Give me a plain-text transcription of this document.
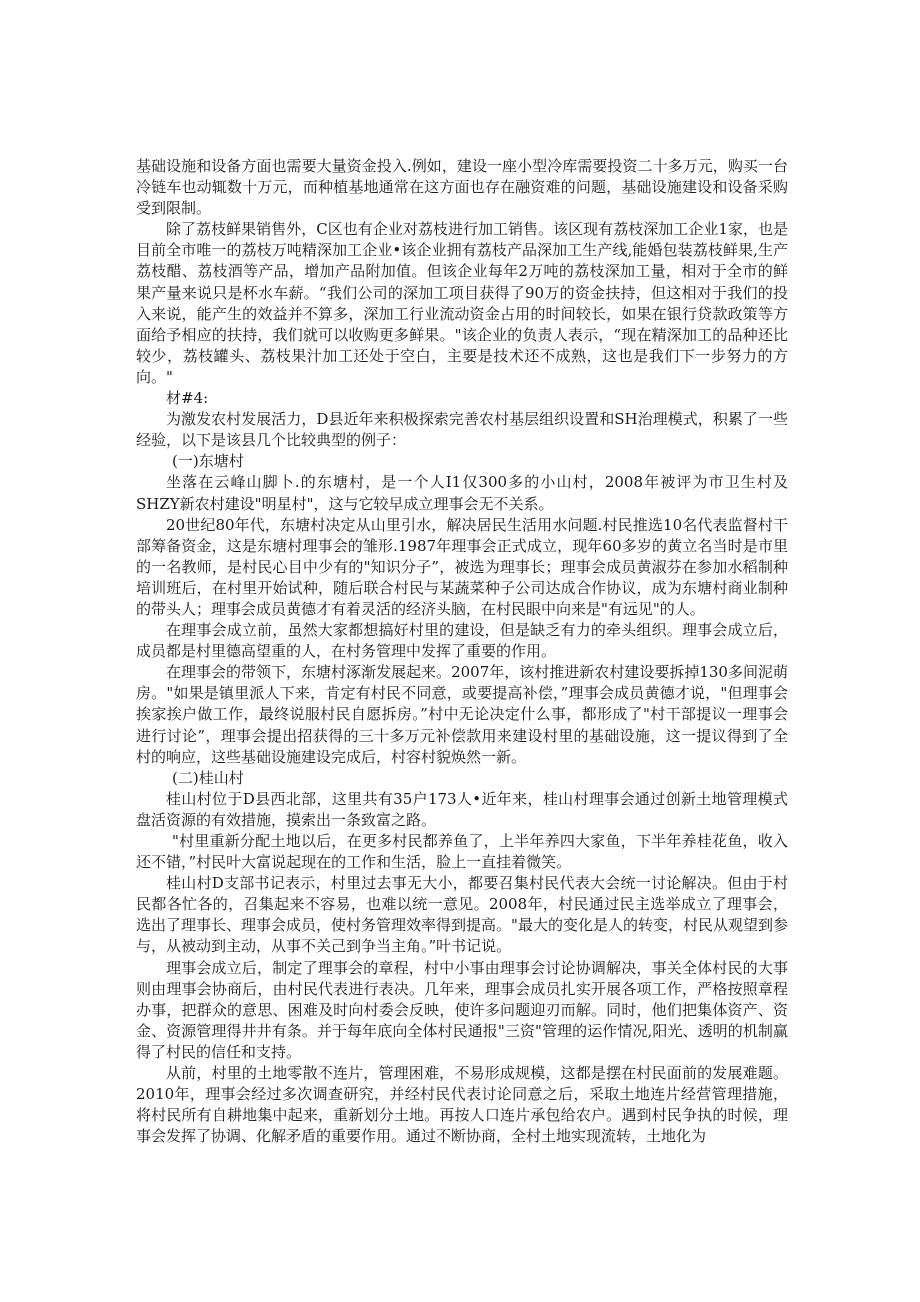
基础设施和设备方面也需要大量资金投入.例如，建设一座小型冷库需要投资二十多万元，购买一台冷链车也动辄数十万元，而种植基地通常在这方面也存在融资难的问题，基础设施建设和设备采购受到限制。

除了荔枝鲜果销售外，C区也有企业对荔枝进行加工销售。该区现有荔枝深加工企业1家，也是目前全市唯一的荔枝万吨精深加工企业•该企业拥有荔枝产品深加工生产线,能婚包装荔枝鲜果,生产荔枝醋、荔枝酒等产品，增加产品附加值。但该企业每年2万吨的荔枝深加工量，相对于全市的鲜果产量来说只是杯水车薪。“我们公司的深加工项目获得了90万的资金扶持，但这相对于我们的投入来说，能产生的效益并不算多，深加工行业流动资金占用的时间较长，如果在银行贷款政策等方面给予相应的扶持，我们就可以收购更多鲜果。"该企业的负责人表示，“现在精深加工的品种还比较少，荔枝罐头、荔枝果汁加工还处于空白，主要是技术还不成熟，这也是我们下一步努力的方向。"

材#4:

为激发农村发展活力，D县近年来积极探索完善农村基层组织设置和SH治理模式，积累了一些经验，以下是该县几个比较典型的例子：

(一)东塘村

坐落在云峰山脚卜.的东塘村，是一个人I1仅300多的小山村，2008年被评为市卫生村及SHZY新农村建设"明星村"，这与它较早成立理事会无不关系。

20世纪80年代，东塘村决定从山里引水，解决居民生活用水问题.村民推选10名代表监督村干部筹备资金，这是东塘村理事会的雏形.1987年理事会正式成立，现年60多岁的黄立名当时是市里的一名教师，是村民心目中少有的"知识分子”，被选为理事长；理事会成员黄淑芬在参加水稻制种培训班后，在村里开始试种，随后联合村民与某蔬菜种子公司达成合作协议，成为东塘村商业制种的带头人；理事会成员黄德才有着灵活的经济头脑，在村民眼中向来是"有远见"的人。

在理事会成立前，虽然大家都想搞好村里的建设，但是缺乏有力的牵头组织。理事会成立后，成员都是村里德高望重的人，在村务管理中发挥了重要的作用。

在理事会的带领下，东塘村涿渐发展起来。2007年，该村推进新农村建设要拆掉130多间泥萌房。"如果是镇里派人下来，肯定有村民不同意，或要提高补偿，”理事会成员黄德才说，"但理事会挨家挨户做工作，最终说服村民自愿拆房。”村中无论决定什么事，都形成了"村干部提议一理事会进行讨论”，理事会提出招获得的三十多万元补偿款用来建设村里的基础设施，这一提议得到了全村的响应，这些基础设施建设完成后，村容村貌焕然一新。

(二)桂山村

桂山村位于D县西北部，这里共有35户173人•近年来，桂山村理事会通过创新土地管理模式盘活资源的有效措施，摸索出一条致富之路。

"村里重新分配土地以后，在更多村民都养鱼了，上半年养四大家鱼，下半年养桂花鱼，收入还不错，”村民叶大富说起现在的工作和生活，脸上一直挂着微笑。

桂山村D支部书记表示，村里过去事无大小，都要召集村民代表大会统一讨论解决。但由于村民都各忙各的，召集起来不容易，也难以统一意见。2008年，村民通过民主选举成立了理事会，选出了理事长、理事会成员，使村务管理效率得到提高。"最大的变化是人的转变，村民从观望到参与，从被动到主动，从事不关己到争当主角。”叶书记说。

理事会成立后，制定了理事会的章程，村中小事由理事会讨论协调解决，事关全体村民的大事则由理事会协商后，由村民代表进行表决。几年来，理事会成员扎实开展各项工作，严格按照章程办事，把群众的意思、困难及时向村委会反映，使许多问题迎刃而解。同时，他们把集体资产、资金、资源管理得井井有条。并于每年底向全体村民通报"三资"管理的运作情况,阳光、透明的机制赢得了村民的信任和支持。

从前，村里的土地零散不连片，管理困难，不易形成规模，这都是摆在村民面前的发展难题。2010年，理事会经过多次调查研究，并经村民代表讨论同意之后，采取土地连片经营管理措施，将村民所有自耕地集中起来，重新划分土地。再按人口连片承包给农户。遇到村民争执的时候，理事会发挥了协调、化解矛盾的重要作用。通过不断协商，全村土地实现流转，土地化为
